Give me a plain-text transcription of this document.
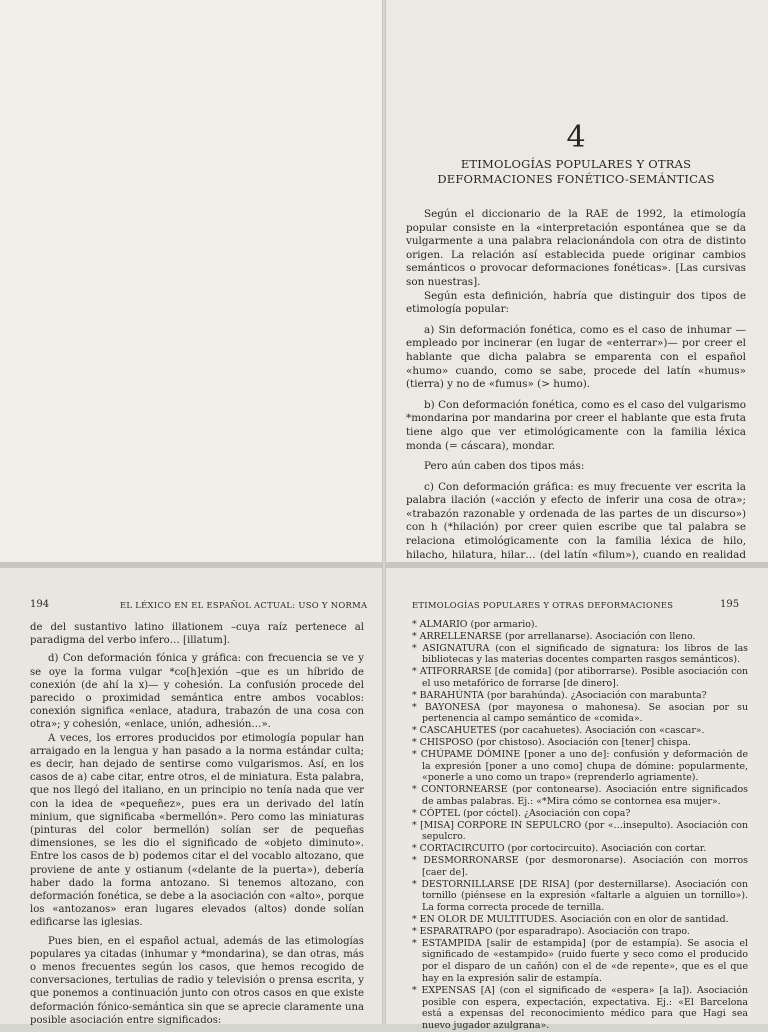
4
ETIMOLOGÍAS POPULARES Y OTRAS
DEFORMACIONES FONÉTICO-SEMÁNTICAS

Según el diccionario de la RAE de 1992, la etimología popular consiste en la «interpretación espontánea que se da vulgarmente a una palabra relacionándola con otra de distinto origen. La relación así establecida puede originar cambios semánticos o provocar deformaciones fonéticas». [Las cursivas son nuestras].

Según esta definición, habría que distinguir dos tipos de etimología popular:

a) Sin deformación fonética, como es el caso de inhumar —empleado por incinerar (en lugar de «enterrar»)— por creer el hablante que dicha palabra se emparenta con el español «humo» cuando, como se sabe, procede del latín «humus» (tierra) y no de «fumus» (> humo).

b) Con deformación fonética, como es el caso del vulgarismo *mondarina por mandarina por creer el hablante que esta fruta tiene algo que ver etimológicamente con la familia léxica monda (= cáscara), mondar.

Pero aún caben dos tipos más:

c) Con deformación gráfica: es muy frecuente ver escrita la palabra ilación («acción y efecto de inferir una cosa de otra»; «trabazón razonable y ordenada de las partes de un discurso») con h (*hilación) por creer quien escribe que tal palabra se relaciona etimológicamente con la familia léxica de hilo, hilacho, hilatura, hilar… (del latín «filum»), cuando en realidad

194	EL LÉXICO EN EL ESPAÑOL ACTUAL: USO Y NORMA

de del sustantivo latino illationem –cuya raíz pertenece al paradigma del verbo infero… [illatum].

d) Con deformación fónica y gráfica: con frecuencia se ve y se oye la forma vulgar *co[h]exión –que es un híbrido de conexión (de ahí la x)— y cohesión. La confusión procede del parecido o proximidad semántica entre ambos vocablos: conexión significa «enlace, atadura, trabazón de una cosa con otra»; y cohesión, «enlace, unión, adhesión…».

A veces, los errores producidos por etimología popular han arraigado en la lengua y han pasado a la norma estándar culta; es decir, han dejado de sentirse como vulgarismos. Así, en los casos de a) cabe citar, entre otros, el de miniatura. Esta palabra, que nos llegó del italiano, en un principio no tenía nada que ver con la idea de «pequeñez», pues era un derivado del latín minium, que significaba «bermellón». Pero como las miniaturas (pinturas del color bermellón) solían ser de pequeñas dimensiones, se les dio el significado de «objeto diminuto». Entre los casos de b) podemos citar el del vocablo altozano, que proviene de ante y ostianum («delante de la puerta»), debería haber dado la forma antozano. Si tenemos altozano, con deformación fonética, se debe a la asociación con «alto», porque los «antozanos» eran lugares elevados (altos) donde solían edificarse las iglesias.

Pues bien, en el español actual, además de las etimologías populares ya citadas (inhumar y *mondarina), se dan otras, más o menos frecuentes según los casos, que hemos recogido de conversaciones, tertulias de radio y televisión o prensa escrita, y que ponemos a continuación junto con otros casos en que existe deformación fónico-semántica sin que se aprecie claramente una posible asociación entre significados:

ETIMOLOGÍAS POPULARES Y OTRAS DEFORMACIONES	195

* ALMARIO (por armario).

* ARRELLENARSE (por arrellanarse). Asociación con lleno.

* ASIGNATURA (con el significado de signatura: los libros de las bibliotecas y las materias docentes comparten rasgos semánticos).

* ATIFORRARSE [de comida] (por atiborrarse). Posible asociación con el uso metafórico de forrarse [de dinero].

* BARAHÚNTA (por barahúnda). ¿Asociación con marabunta?

* BAYONESA (por mayonesa o mahonesa). Se asocian por su pertenencia al campo semántico de «comida».

* CASCAHUETES (por cacahuetes). Asociación con «cascar».

* CHISPOSO (por chistoso). Asociación con [tener] chispa.

* CHÚPAME DÓMINE [poner a uno de]: confusión y deformación de la expresión [poner a uno como] chupa de dómine: popularmente, «ponerle a uno como un trapo» (reprenderlo agriamente).

* CONTORNEARSE (por contonearse). Asociación entre significados de ambas palabras. Ej.: «*Mira cómo se contornea esa mujer».

* CÓPTEL (por cóctel). ¿Asociación con copa?

* [MISA] CORPORE IN SEPULCRO (por «…insepulto). Asociación con sepulcro.

* CORTACIRCUITO (por cortocircuito). Asociación con cortar.

* DESMORRONARSE (por desmoronarse). Asociación con morros [caer de].

* DESTORNILLARSE [DE RISA] (por desternillarse). Asociación con tornillo (piénsese en la expresión «faltarle a alguien un tornillo»). La forma correcta procede de ternilla.

* EN OLOR DE MULTITUDES. Asociación con en olor de santidad.

* ESPARATRAPO (por esparadrapo). Asociación con trapo.

* ESTAMPIDA [salir de estampida] (por de estampía). Se asocia el significado de «estampido» (ruido fuerte y seco como el producido por el disparo de un cañón) con el de «de repente», que es el que hay en la expresión salir de estampía.

* EXPENSAS [A] (con el significado de «espera» [a la]). Asociación posible con espera, expectación, expectativa. Ej.: «El Barcelona está a expensas del reconocimiento médico para que Hagi sea nuevo jugador azulgrana».
